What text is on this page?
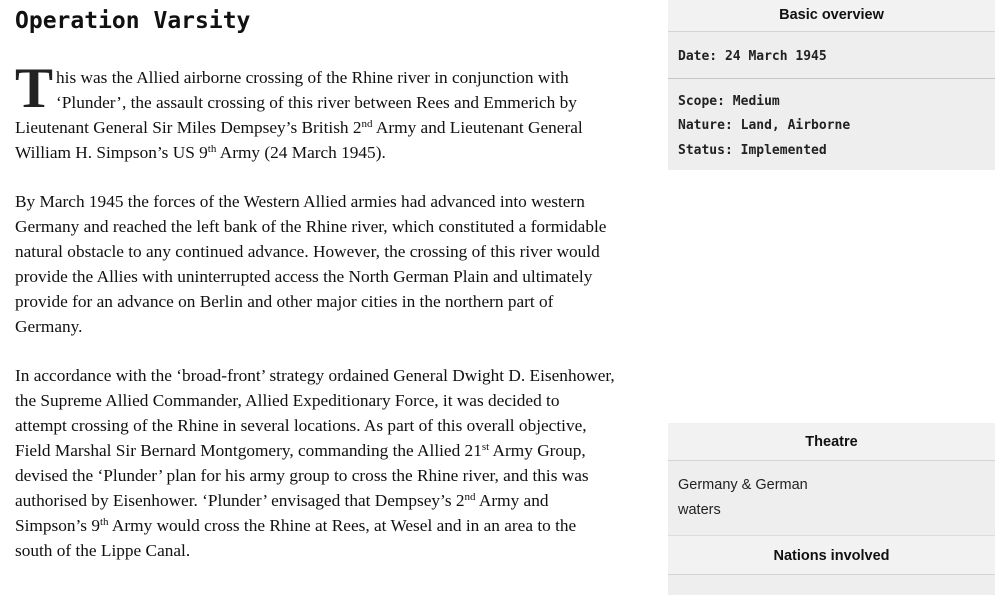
Operation Varsity

This was the Allied airborne crossing of the Rhine river in conjunction with ‘Plunder’, the assault crossing of this river between Rees and Emmerich by Lieutenant General Sir Miles Dempsey’s British 2nd Army and Lieutenant General William H. Simpson’s US 9th Army (24 March 1945).

By March 1945 the forces of the Western Allied armies had advanced into western Germany and reached the left bank of the Rhine river, which constituted a formidable natural obstacle to any continued advance. However, the crossing of this river would provide the Allies with uninterrupted access the North German Plain and ultimately provide for an advance on Berlin and other major cities in the northern part of Germany.

In accordance with the ‘broad-front’ strategy ordained General Dwight D. Eisenhower, the Supreme Allied Commander, Allied Expeditionary Force, it was decided to attempt crossing of the Rhine in several locations. As part of this overall objective, Field Marshal Sir Bernard Montgomery, commanding the Allied 21st Army Group, devised the ‘Plunder’ plan for his army group to cross the Rhine river, and this was authorised by Eisenhower. ‘Plunder’ envisaged that Dempsey’s 2nd Army and Simpson’s 9th Army would cross the Rhine at Rees, at Wesel and in an area to the south of the Lippe Canal.

Basic overview
Date: 24 March 1945
Scope: Medium
Nature: Land, Airborne
Status: Implemented
Theatre
Germany & German waters
Nations involved
